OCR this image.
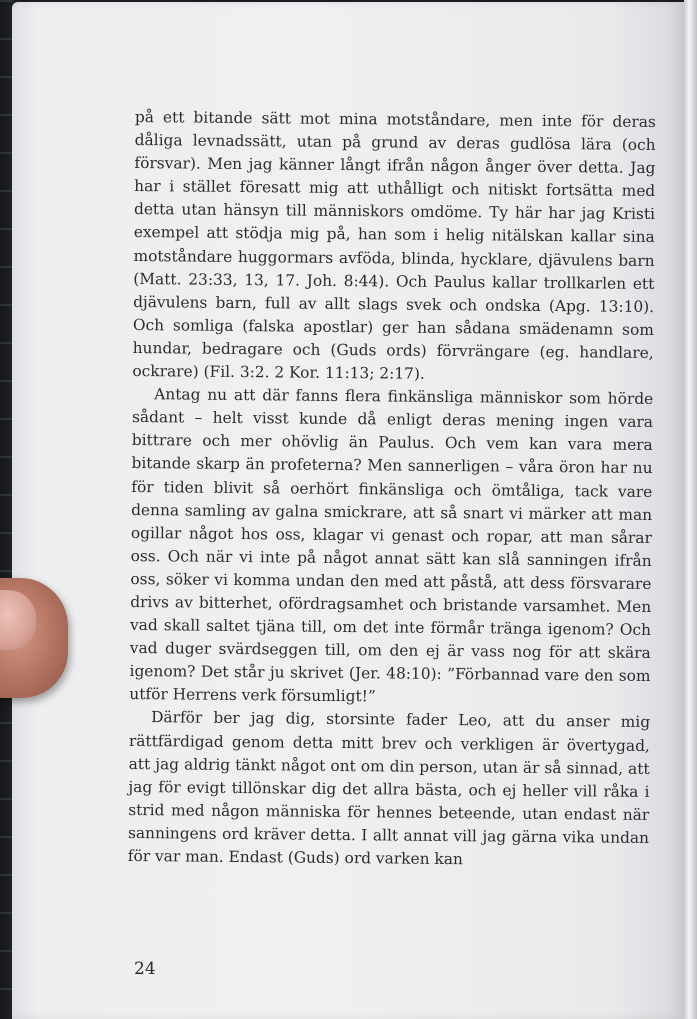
på ett bitande sätt mot mina motståndare, men inte för deras dåliga levnadssätt, utan på grund av deras gudlösa lära (och försvar). Men jag känner långt ifrån någon ånger över detta. Jag har i stället föresatt mig att uthålligt och nitiskt fortsätta med detta utan hänsyn till människors omdöme. Ty här har jag Kristi exempel att stödja mig på, han som i helig nitälskan kallar sina motståndare huggormars avföda, blinda, hycklare, djävulens barn (Matt. 23:33, 13, 17. Joh. 8:44). Och Paulus kallar trollkarlen ett djävulens barn, full av allt slags svek och ondska (Apg. 13:10). Och somliga (falska apostlar) ger han sådana smädenamn som hundar, bedragare och (Guds ords) förvrängare (eg. handlare, ockrare) (Fil. 3:2. 2 Kor. 11:13; 2:17).

Antag nu att där fanns flera finkänsliga människor som hörde sådant – helt visst kunde då enligt deras mening ingen vara bittrare och mer ohövlig än Paulus. Och vem kan vara mera bitande skarp än profeterna? Men sannerligen – våra öron har nu för tiden blivit så oerhört finkänsliga och ömtåliga, tack vare denna samling av galna smickrare, att så snart vi märker att man ogillar något hos oss, klagar vi genast och ropar, att man sårar oss. Och när vi inte på något annat sätt kan slå sanningen ifrån oss, söker vi komma undan den med att påstå, att dess försvarare drivs av bitterhet, ofördragsamhet och bristande varsamhet. Men vad skall saltet tjäna till, om det inte förmår tränga igenom? Och vad duger svärdseggen till, om den ej är vass nog för att skära igenom? Det står ju skrivet (Jer. 48:10): ”Förbannad vare den som utför Herrens verk försumligt!”

Därför ber jag dig, storsinte fader Leo, att du anser mig rättfärdigad genom detta mitt brev och verkligen är övertygad, att jag aldrig tänkt något ont om din person, utan är så sinnad, att jag för evigt tillönskar dig det allra bästa, och ej heller vill råka i strid med någon människa för hennes beteende, utan endast när sanningens ord kräver detta. I allt annat vill jag gärna vika undan för var man. Endast (Guds) ord varken kan

24
